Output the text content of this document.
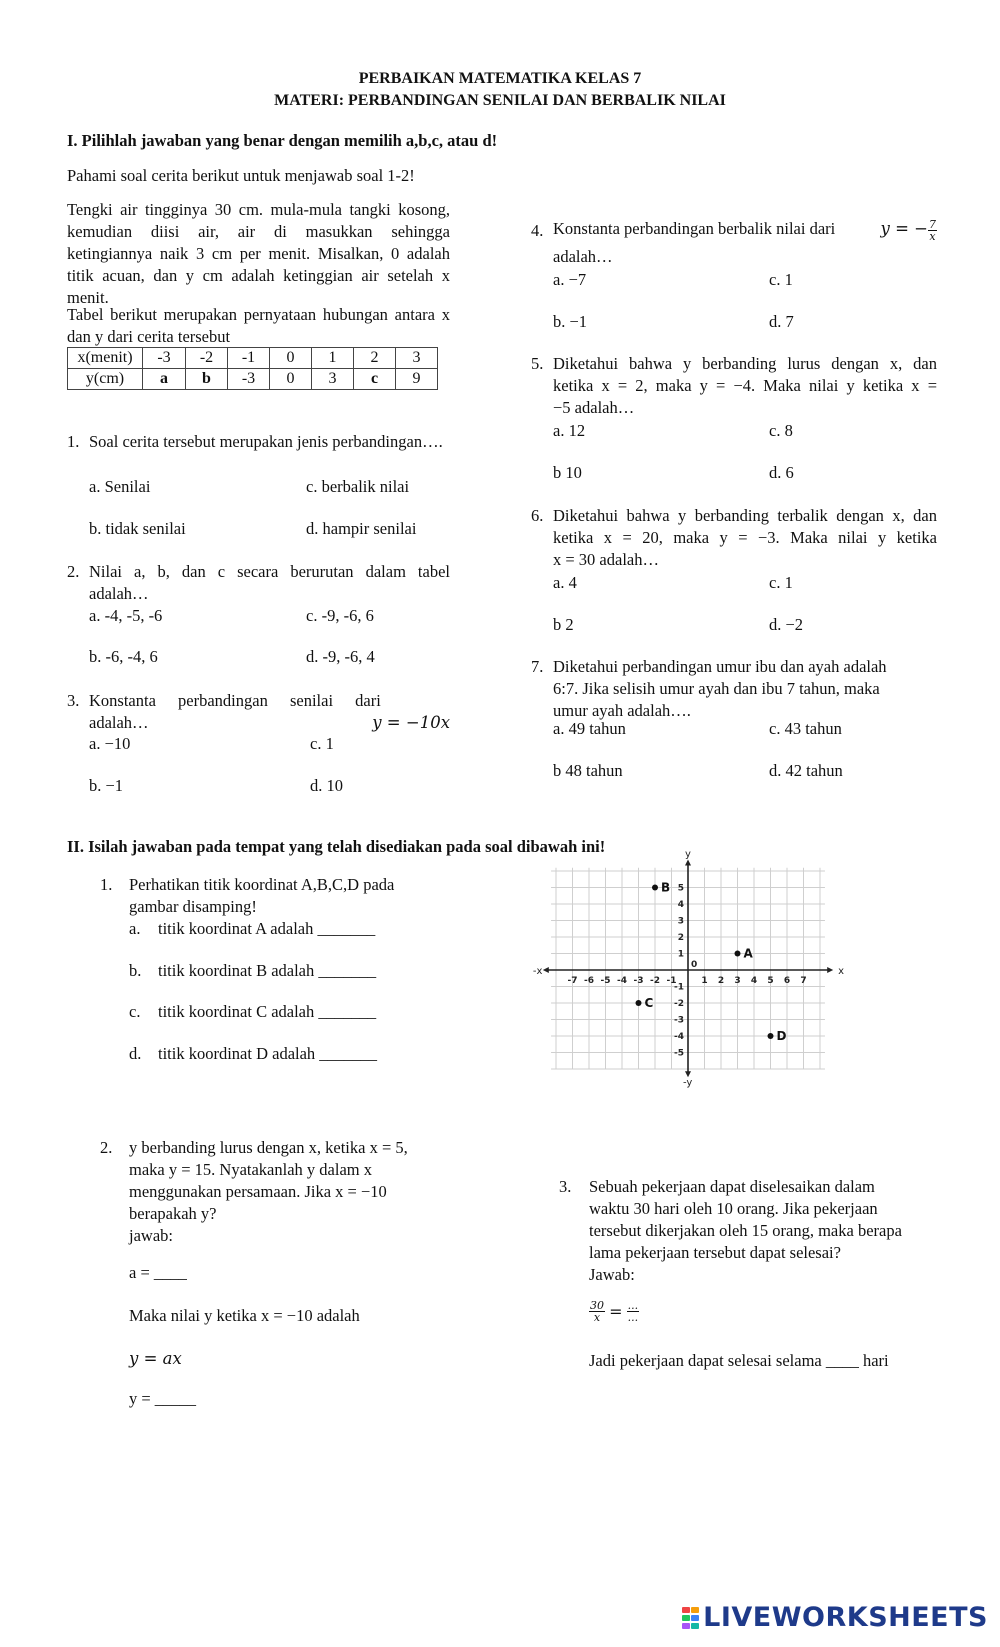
PERBAIKAN MATEMATIKA KELAS 7
MATERI: PERBANDINGAN SENILAI DAN BERBALIK NILAI
I. Pilihlah jawaban yang benar dengan memilih a,b,c, atau d!
Pahami soal cerita berikut untuk menjawab soal 1-2!
Tengki air tingginya 30 cm. mula-mula tangki kosong, kemudian diisi air, air di masukkan sehingga ketingiannya naik 3 cm per menit. Misalkan, 0 adalah titik acuan, dan y cm adalah ketinggian air setelah x menit.
Tabel berikut merupakan pernyataan hubungan antara x dan y dari cerita tersebut
x(menit)	-3	-2	-1	0	1	2	3
y(cm)	a	b	-3	0	3	c	9
1. Soal cerita tersebut merupakan jenis perbandingan….
a. Senilai	c. berbalik nilai
b. tidak senilai	d. hampir senilai
2. Nilai a, b, dan c secara berurutan dalam tabel adalah…
a. -4, -5, -6	c. -9, -6, 6
b. -6, -4, 6	d. -9, -6, 4
3. Konstanta perbandingan senilai dari
y = −10x
adalah…
a. −10	c. 1
b. −1	d. 10
4. Konstanta perbandingan berbalik nilai dari	y = − $\frac{7}{x}$
adalah…
a. −7	c. 1
b. −1	d. 7
5. Diketahui bahwa y berbanding lurus dengan x, dan
ketika x = 2, maka y = −4. Maka nilai y ketika x =
−5 adalah…
a. 12	c. 8
b 10	d. 6
6. Diketahui bahwa y berbanding terbalik dengan x, dan
ketika x = 20, maka y = −3. Maka nilai y ketika
x = 30 adalah…
a. 4	c. 1
b 2	d. −2
7. Diketahui perbandingan umur ibu dan ayah adalah
6:7. Jika selisih umur ayah dan ibu 7 tahun, maka
umur ayah adalah….
a. 49 tahun	c. 43 tahun
b 48 tahun	d. 42 tahun
II. Isilah jawaban pada tempat yang telah disediakan pada soal dibawah ini!
1. Perhatikan titik koordinat A,B,C,D pada
gambar disamping!
a. titik koordinat A adalah _______
b. titik koordinat B adalah _______
c. titik koordinat C adalah _______
d. titik koordinat D adalah _______
x
-x
y
-y
0
-7 -6 -5 -4 -3 -2 -1	1 2 3 4 5 6 7
-5
-4
-3
-2
-1
1
2
3
4
5
A
B
C
D
2. y berbanding lurus dengan x, ketika x = 5,
maka y = 15. Nyatakanlah y dalam x
menggunakan persamaan. Jika x = −10
berapakah y?
jawab:
a = ____
Maka nilai y ketika x = −10 adalah
y = ax
y = _____
3. Sebuah pekerjaan dapat diselesaikan dalam
waktu 30 hari oleh 10 orang. Jika pekerjaan
tersebut dikerjakan oleh 15 orang, maka berapa
lama pekerjaan tersebut dapat selesai?
Jawab:
$\frac{30}{x} = \frac{...}{...}$
Jadi pekerjaan dapat selesai selama ____ hari
LIVEWORKSHEETS
